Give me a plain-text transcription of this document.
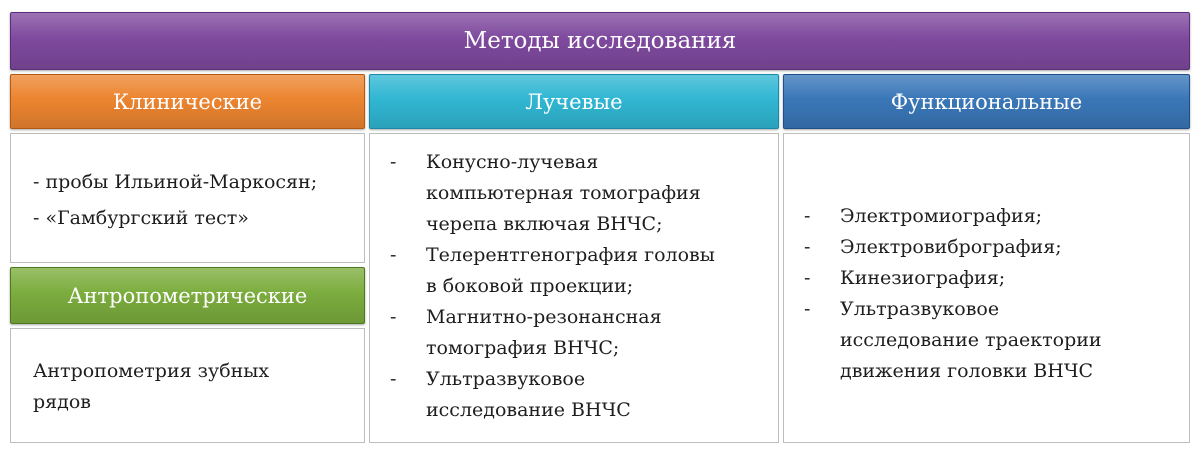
Методы исследования
Клинические	Лучевые	Функциональные

- пробы Ильиной-Маркосян;

- «Гамбургский тест»

Антропометрические

Антропометрия зубных

рядов

-	Конусно-лучевая
компьютерная томография
черепа включая ВНЧС;
-	Телерентгенография головы
в боковой проекции;
-	Магнитно-резонансная
томография ВНЧС;
-	Ультразвуковое
исследование ВНЧС
-	Электромиография;
-	Электровибрография;
-	Кинезиография;
-	Ультразвуковое
исследование траектории
движения головки ВНЧС
